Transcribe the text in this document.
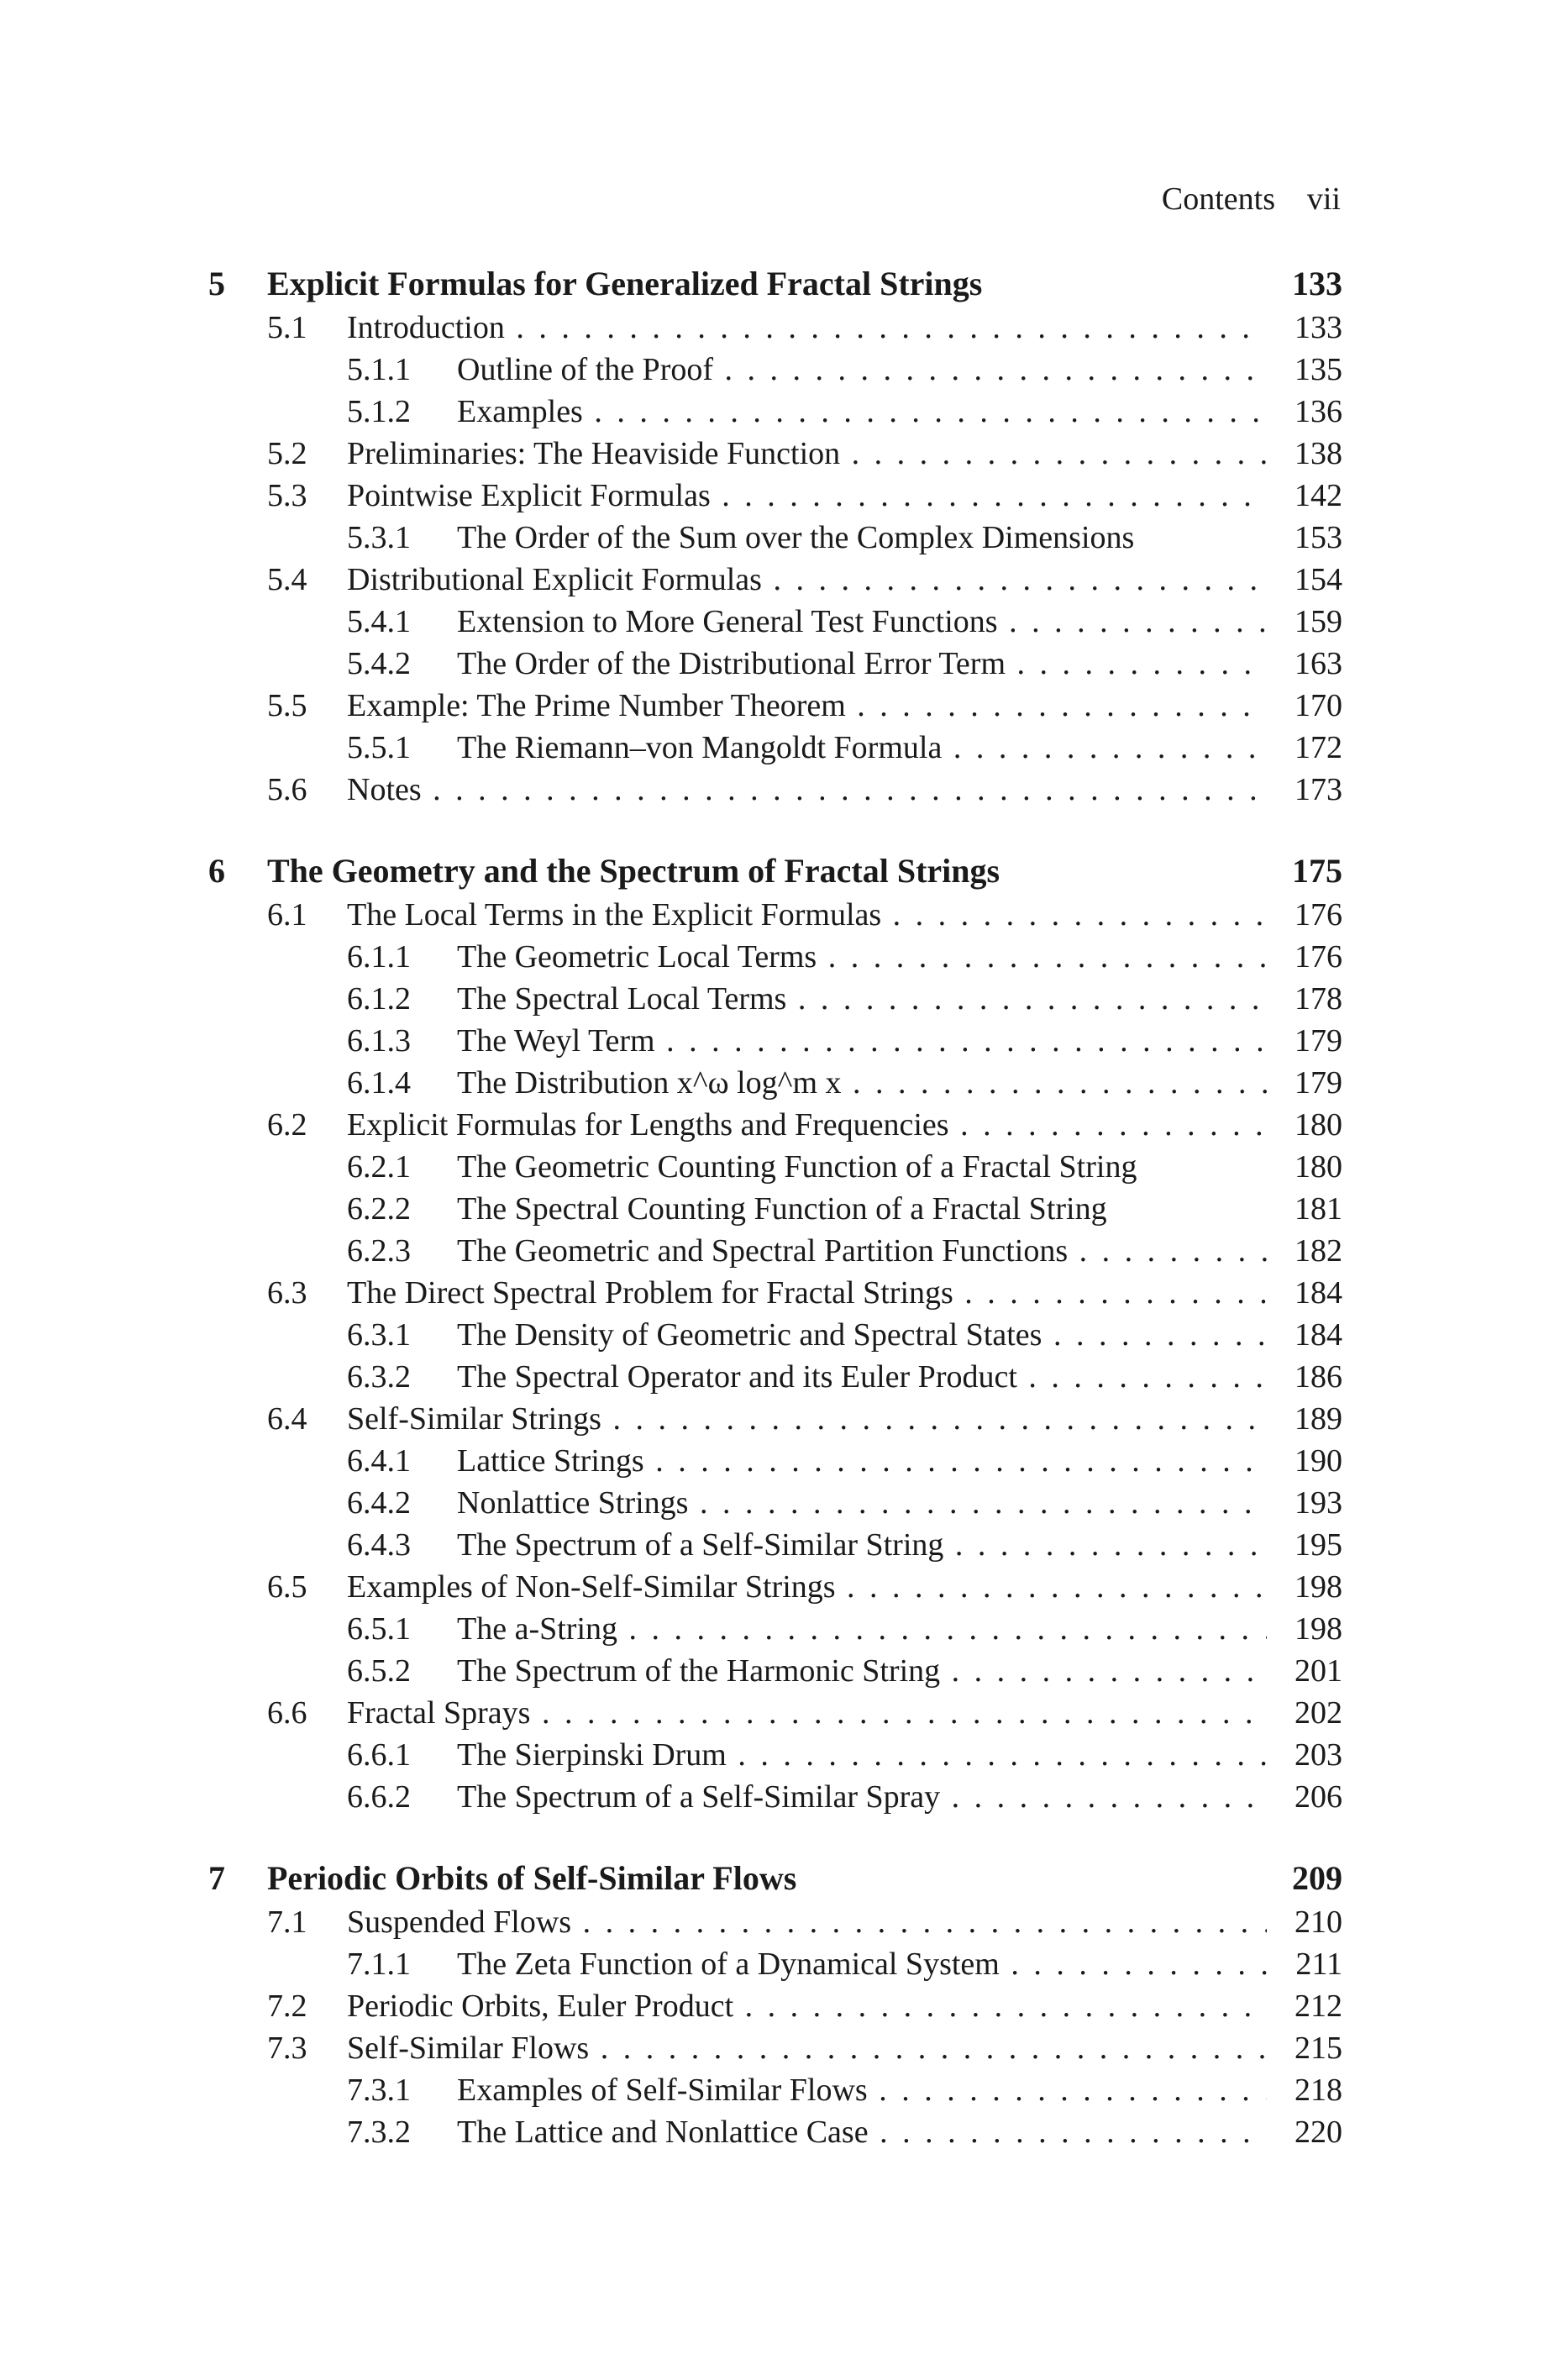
Contents vii
5 Explicit Formulas for Generalized Fractal Strings	133
5.1 Introduction . . .	133
5.1.1 Outline of the Proof . . .	135
5.1.2 Examples . . .	136
5.2 Preliminaries: The Heaviside Function . . .	138
5.3 Pointwise Explicit Formulas . . .	142
5.3.1 The Order of the Sum over the Complex Dimensions	153
5.4 Distributional Explicit Formulas . . .	154
5.4.1 Extension to More General Test Functions . . .	159
5.4.2 The Order of the Distributional Error Term . . .	163
5.5 Example: The Prime Number Theorem . . .	170
5.5.1 The Riemann–von Mangoldt Formula . . .	172
5.6 Notes . . .	173
6 The Geometry and the Spectrum of Fractal Strings	175
6.1 The Local Terms in the Explicit Formulas . . .	176
6.1.1 The Geometric Local Terms . . .	176
6.1.2 The Spectral Local Terms . . .	178
6.1.3 The Weyl Term . . .	179
6.1.4 The Distribution x^ω log^m x . . .	179
6.2 Explicit Formulas for Lengths and Frequencies . . .	180
6.2.1 The Geometric Counting Function of a Fractal String	180
6.2.2 The Spectral Counting Function of a Fractal String	181
6.2.3 The Geometric and Spectral Partition Functions . . .	182
6.3 The Direct Spectral Problem for Fractal Strings . . .	184
6.3.1 The Density of Geometric and Spectral States . . .	184
6.3.2 The Spectral Operator and its Euler Product . . .	186
6.4 Self-Similar Strings . . .	189
6.4.1 Lattice Strings . . .	190
6.4.2 Nonlattice Strings . . .	193
6.4.3 The Spectrum of a Self-Similar String . . .	195
6.5 Examples of Non-Self-Similar Strings . . .	198
6.5.1 The a-String . . .	198
6.5.2 The Spectrum of the Harmonic String . . .	201
6.6 Fractal Sprays . . .	202
6.6.1 The Sierpinski Drum . . .	203
6.6.2 The Spectrum of a Self-Similar Spray . . .	206
7 Periodic Orbits of Self-Similar Flows	209
7.1 Suspended Flows . . .	210
7.1.1 The Zeta Function of a Dynamical System . . .	211
7.2 Periodic Orbits, Euler Product . . .	212
7.3 Self-Similar Flows . . .	215
7.3.1 Examples of Self-Similar Flows . . .	218
7.3.2 The Lattice and Nonlattice Case . . .	220
